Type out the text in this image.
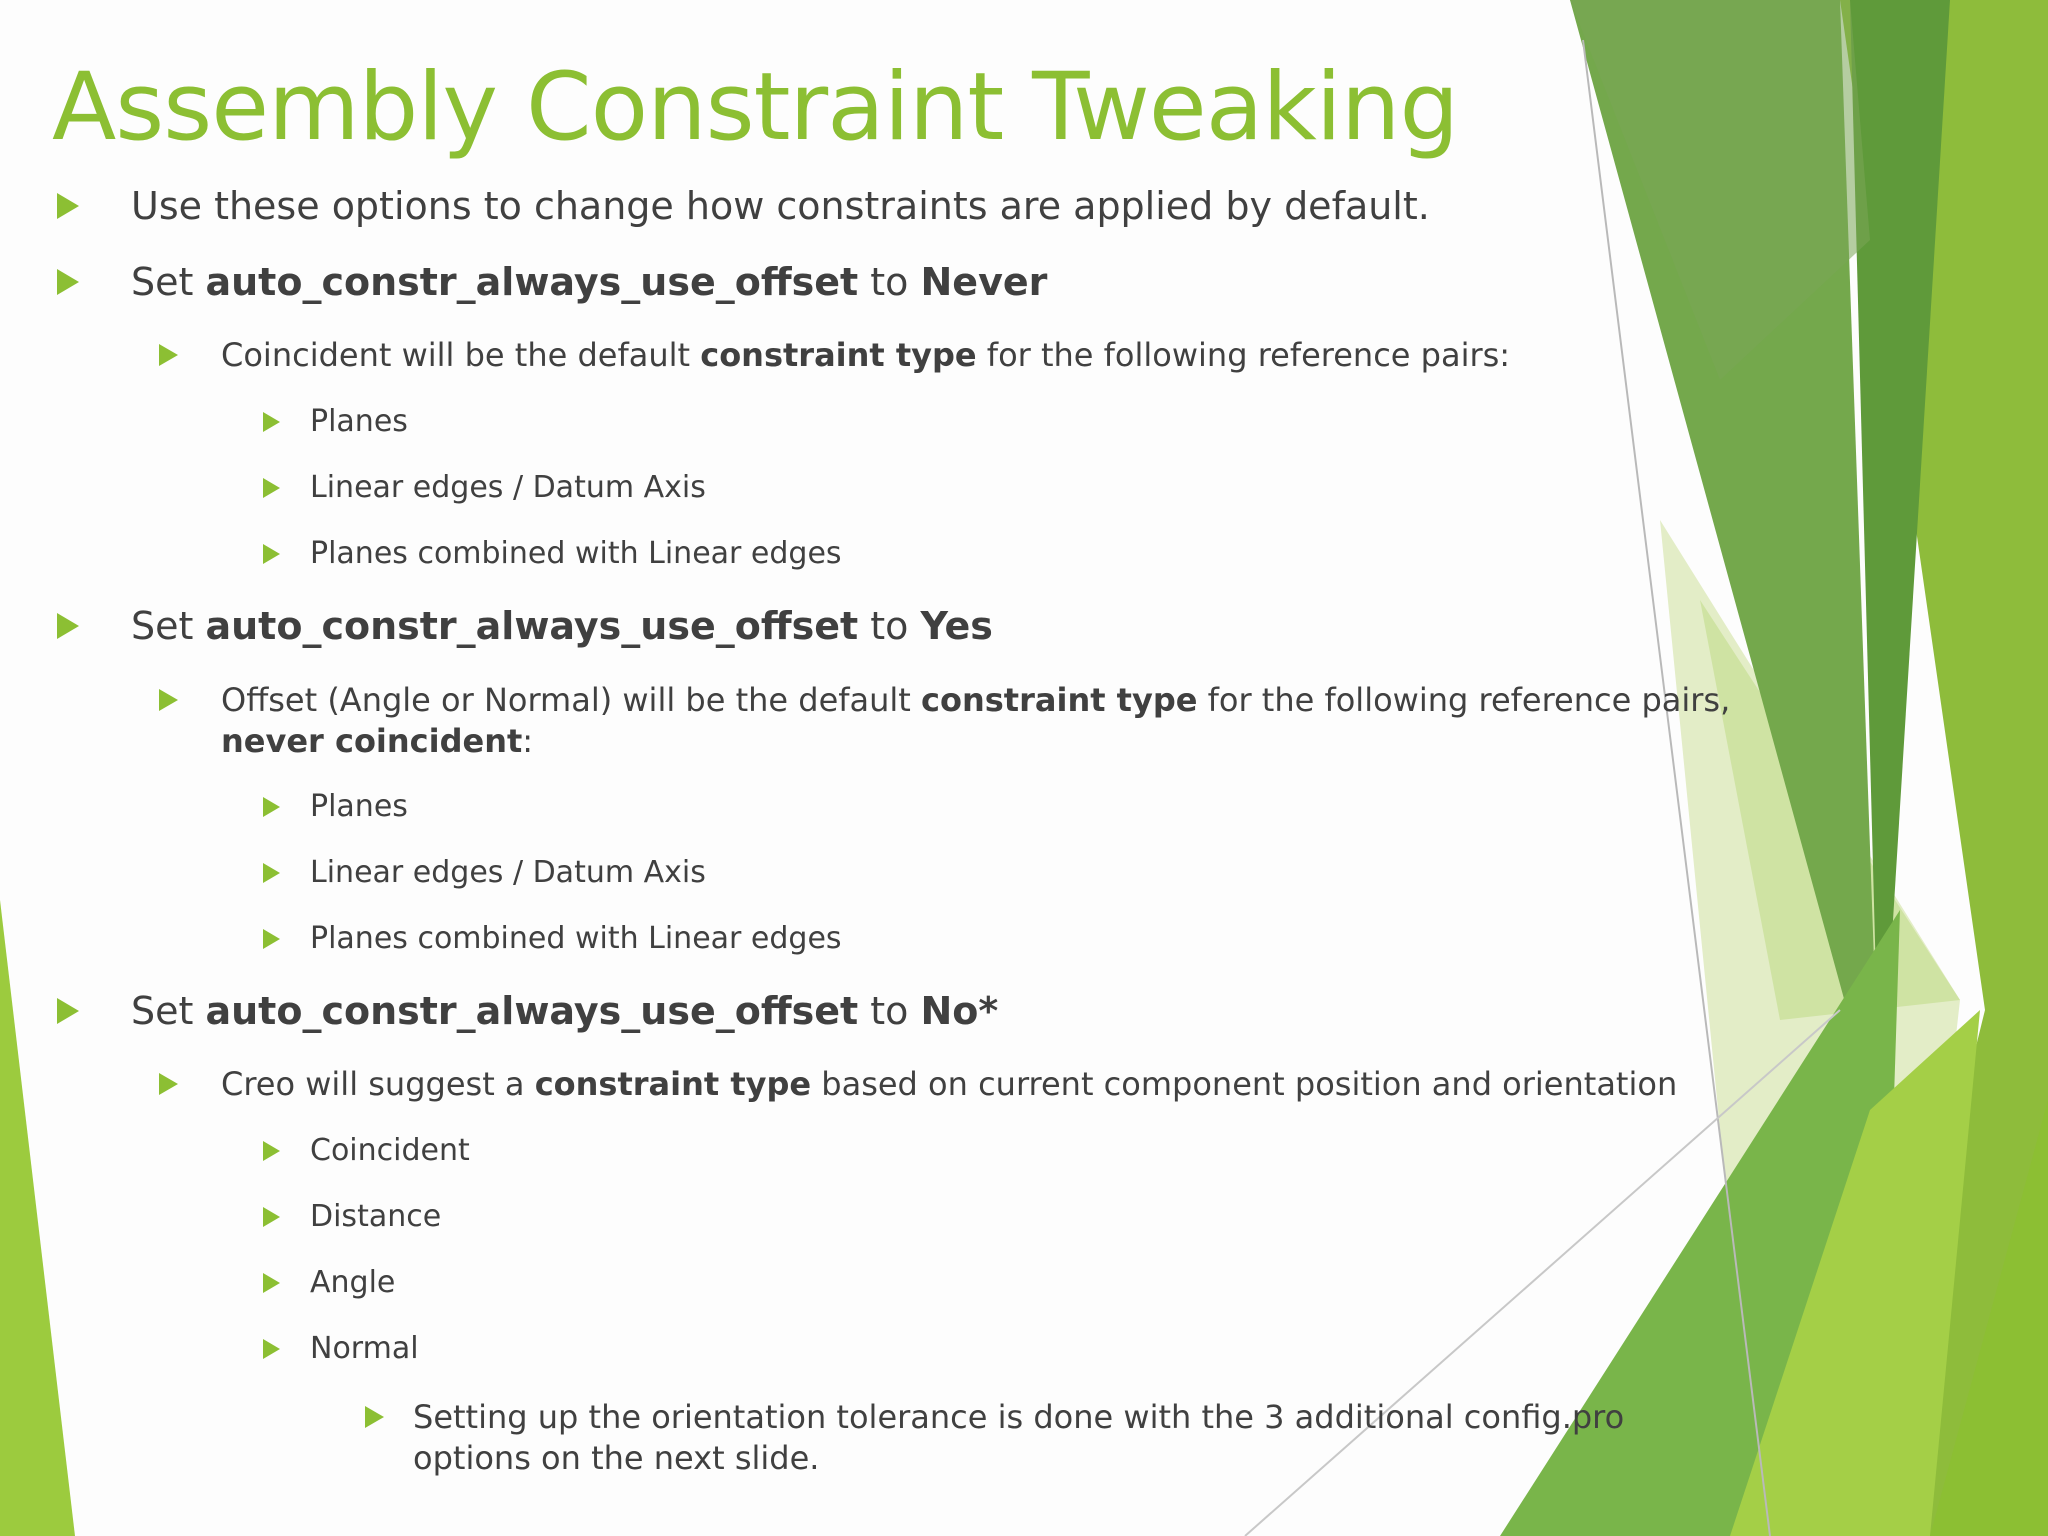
Assembly Constraint Tweaking
Use these options to change how constraints are applied by default.
Set auto_constr_always_use_offset to Never
Coincident will be the default constraint type for the following reference pairs:
Planes
Linear edges / Datum Axis
Planes combined with Linear edges
Set auto_constr_always_use_offset to Yes
Offset (Angle or Normal) will be the default constraint type for the following reference pairs,
never coincident:
Planes
Linear edges / Datum Axis
Planes combined with Linear edges
Set auto_constr_always_use_offset to No*
Creo will suggest a constraint type based on current component position and orientation
Coincident
Distance
Angle
Normal
Setting up the orientation tolerance is done with the 3 additional config.pro
options on the next slide.
